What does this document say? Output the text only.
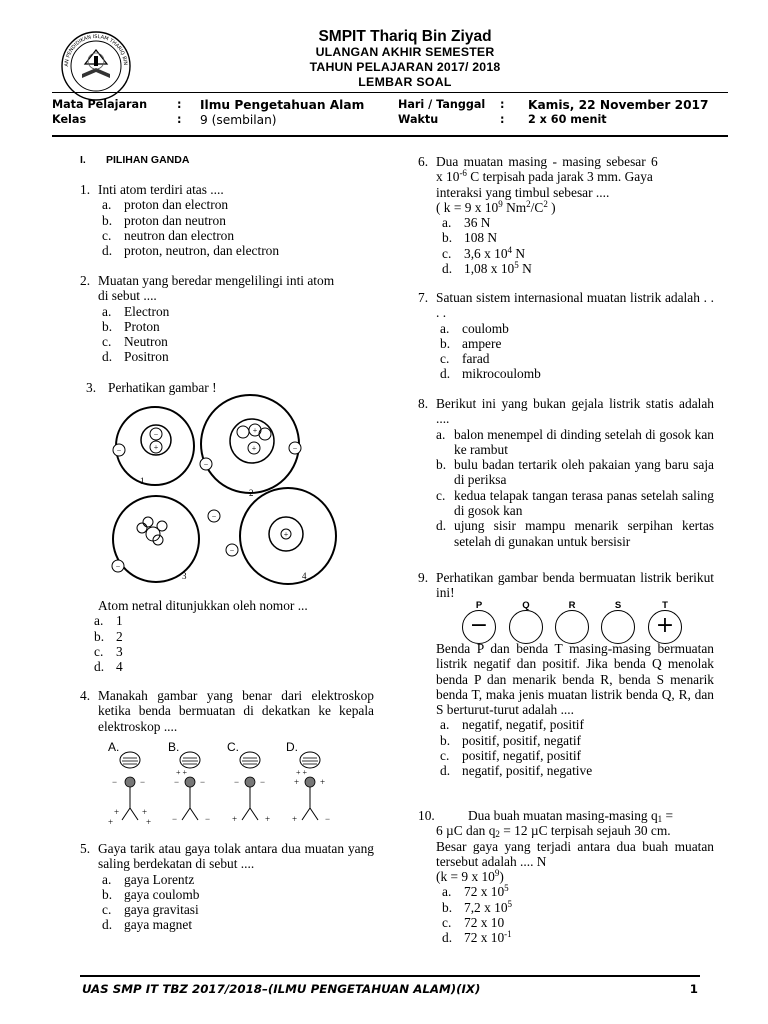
AN PENDIDIKAN ISLAM THARIQ BIN
SMPIT Thariq Bin Ziyad
ULANGAN AKHIR SEMESTER
TAHUN PELAJARAN 2017/ 2018
LEMBAR SOAL
Mata Pelajaran	: Ilmu Pengetahuan Alam	Hari / Tanggal : Kamis, 22 November 2017
Kelas	: 9 (sembilan)	Waktu	: 2 x 60 menit
I.	PILIHAN GANDA
1. Inti atom terdiri atas ....
a. proton dan electron
b. proton dan neutron
c. neutron dan electron
d. proton, neutron, dan electron
2. Muatan yang beredar mengelilingi inti atom
di sebut ....
a. Electron
b. Proton
c. Neutron
d. Positron
3. Perhatikan gambar !
−
+
−
+
+
−
−
−
−
+
−
1
2
3	4
Atom netral ditunjukkan oleh nomor ...
a. 1
b. 2
c. 3
d. 4
4. Manakah gambar yang benar dari elektroskop ketika benda bermuatan di dekatkan ke kepala elektroskop ....
A.	B.	C.	D.
−	−
+	+
+	+
+ +
− −
−	−
− −
+	+
+ +
+ +
+	−
5. Gaya tarik atau gaya tolak antara dua muatan yang saling berdekatan di sebut ....
a. gaya Lorentz
b. gaya coulomb
c. gaya gravitasi
d. gaya magnet
6. Dua muatan masing - masing sebesar 6
x $10^{-6}$ C terpisah pada jarak 3 mm. Gaya
interaksi yang timbul sebesar ....
( k = 9 x $10^9$ $Nm^2/C^2$ )
a. 36 N
b. 108 N
c. 3,6 x $10^4$ N
d. 1,08 x $10^5$ N
7. Satuan sistem internasional muatan listrik adalah . . . .
a. coulomb
b. ampere
c. farad
d. mikrocoulomb
8. Berikut ini yang bukan gejala listrik statis adalah ....
a. balon menempel di dinding setelah di gosok kan ke rambut
b. bulu badan tertarik oleh pakaian yang baru saja di periksa
c. kedua telapak tangan terasa panas setelah saling di gosok kan
d. ujung sisir mampu menarik serpihan kertas setelah di gunakan untuk bersisir
9. Perhatikan gambar benda bermuatan listrik berikut ini!
P	Q	R	S	T
−	+
Benda P dan benda T masing-masing bermuatan listrik negatif dan positif. Jika benda Q menolak benda P dan menarik benda R, benda S menarik benda T, maka jenis muatan listrik benda Q, R, dan S berturut-turut adalah ....
a. negatif, negatif, positif
b. positif, positif, negatif
c. positif, negatif, positif
d. negatif, positif, negative
10.	Dua buah muatan masing-masing $q_1$ =
6 µC dan $q_2 = 12$ µC terpisah sejauh 30 cm.
Besar gaya yang terjadi antara dua buah muatan tersebut adalah .... N
(k = 9 x $10^9$)
a. 72 x $10^5$
b. 7,2 x $10^5$
c. 72 x 10
d. 72 x $10^{-1}$
UAS SMP IT TBZ 2017/2018–(ILMU PENGETAHUAN ALAM)(IX)	1
